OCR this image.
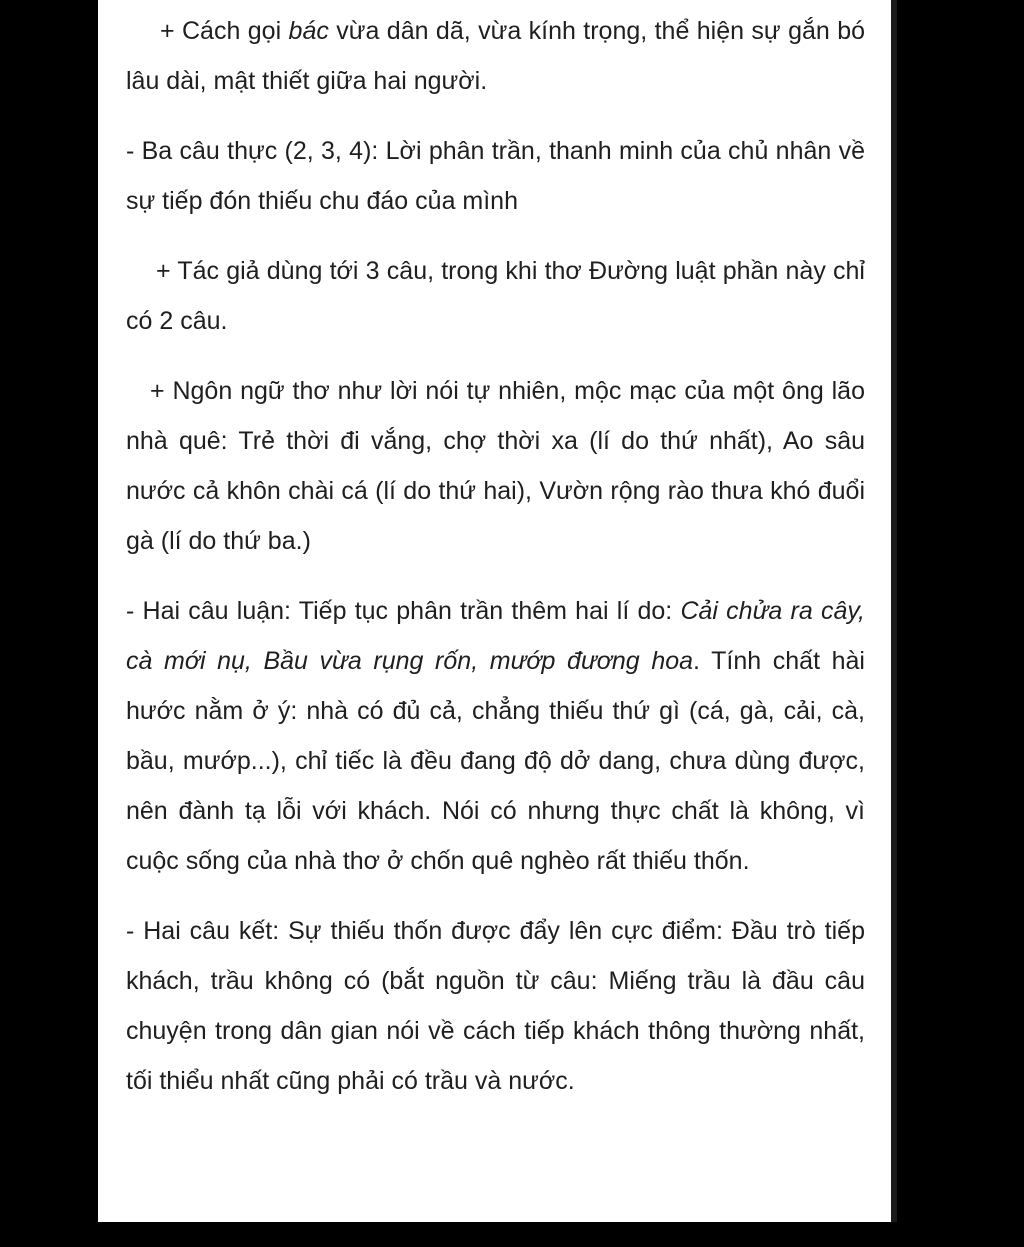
+ Cách gọi bác vừa dân dã, vừa kính trọng, thể hiện sự gắn bó lâu dài, mật thiết giữa hai người.

- Ba câu thực (2, 3, 4): Lời phân trần, thanh minh của chủ nhân về sự tiếp đón thiếu chu đáo của mình

+ Tác giả dùng tới 3 câu, trong khi thơ Đường luật phần này chỉ có 2 câu.

+ Ngôn ngữ thơ như lời nói tự nhiên, mộc mạc của một ông lão nhà quê: Trẻ thời đi vắng, chợ thời xa (lí do thứ nhất), Ao sâu nước cả khôn chài cá (lí do thứ hai), Vườn rộng rào thưa khó đuổi gà (lí do thứ ba.)

- Hai câu luận: Tiếp tục phân trần thêm hai lí do: Cải chửa ra cây, cà mới nụ, Bầu vừa rụng rốn, mướp đương hoa. Tính chất hài hước nằm ở ý: nhà có đủ cả, chẳng thiếu thứ gì (cá, gà, cải, cà, bầu, mướp...), chỉ tiếc là đều đang độ dở dang, chưa dùng được, nên đành tạ lỗi với khách. Nói có nhưng thực chất là không, vì cuộc sống của nhà thơ ở chốn quê nghèo rất thiếu thốn.

- Hai câu kết: Sự thiếu thốn được đẩy lên cực điểm: Đầu trò tiếp khách, trầu không có (bắt nguồn từ câu: Miếng trầu là đầu câu chuyện trong dân gian nói về cách tiếp khách thông thường nhất, tối thiểu nhất cũng phải có trầu và nước.
